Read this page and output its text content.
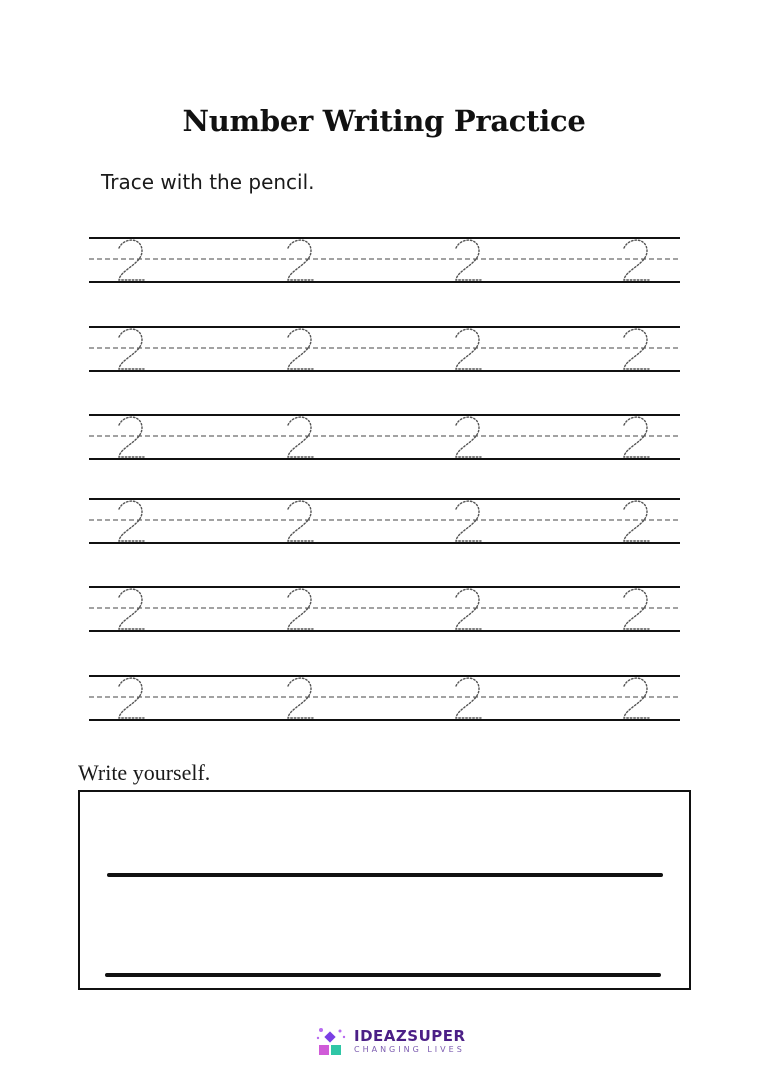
Number Writing Practice
Trace with the pencil.
Write yourself.
IDEAZSUPER
CHANGING LIVES
